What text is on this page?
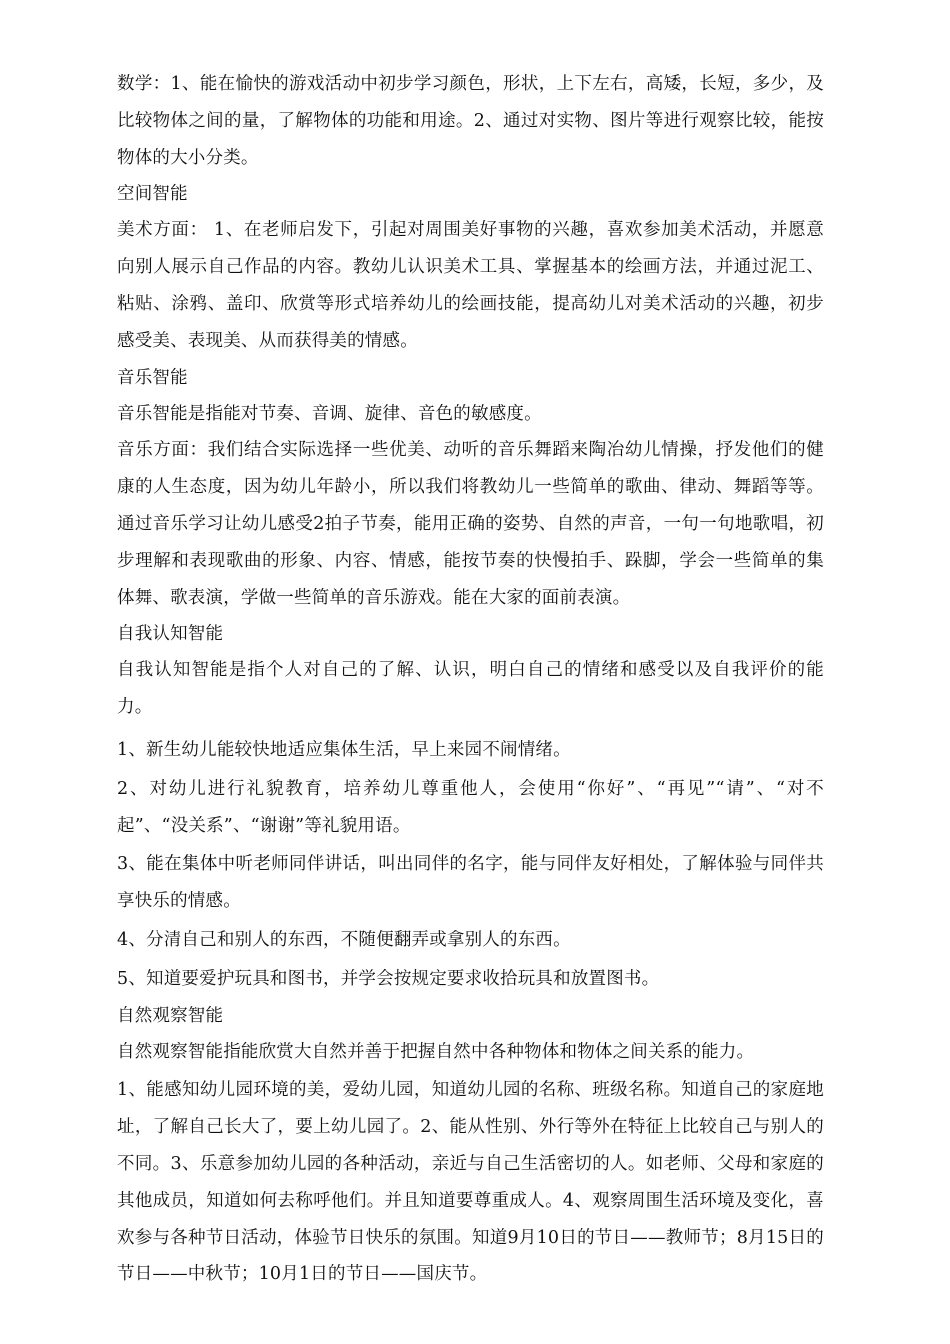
数学：1、能在愉快的游戏活动中初步学习颜色，形状，上下左右，高矮，长短，多少，及比较物体之间的量，了解物体的功能和用途。2、通过对实物、图片等进行观察比较，能按物体的大小分类。

空间智能

美术方面： 1、在老师启发下，引起对周围美好事物的兴趣，喜欢参加美术活动，并愿意向别人展示自己作品的内容。教幼儿认识美术工具、掌握基本的绘画方法，并通过泥工、粘贴、涂鸦、盖印、欣赏等形式培养幼儿的绘画技能，提高幼儿对美术活动的兴趣，初步感受美、表现美、从而获得美的情感。

音乐智能

音乐智能是指能对节奏、音调、旋律、音色的敏感度。

音乐方面：我们结合实际选择一些优美、动听的音乐舞蹈来陶冶幼儿情操，抒发他们的健康的人生态度，因为幼儿年龄小，所以我们将教幼儿一些简单的歌曲、律动、舞蹈等等。通过音乐学习让幼儿感受2拍子节奏，能用正确的姿势、自然的声音，一句一句地歌唱，初步理解和表现歌曲的形象、内容、情感，能按节奏的快慢拍手、跺脚，学会一些简单的集体舞、歌表演，学做一些简单的音乐游戏。能在大家的面前表演。

自我认知智能

自我认知智能是指个人对自己的了解、认识，明白自己的情绪和感受以及自我评价的能力。

1、新生幼儿能较快地适应集体生活，早上来园不闹情绪。

2、对幼儿进行礼貌教育，培养幼儿尊重他人，会使用“你好”、“再见”“请”、“对不起”、“没关系”、“谢谢”等礼貌用语。

3、能在集体中听老师同伴讲话，叫出同伴的名字，能与同伴友好相处，了解体验与同伴共享快乐的情感。

4、分清自己和别人的东西，不随便翻弄或拿别人的东西。

5、知道要爱护玩具和图书，并学会按规定要求收拾玩具和放置图书。

自然观察智能

自然观察智能指能欣赏大自然并善于把握自然中各种物体和物体之间关系的能力。

1、能感知幼儿园环境的美，爱幼儿园，知道幼儿园的名称、班级名称。知道自己的家庭地址，了解自己长大了，要上幼儿园了。2、能从性别、外行等外在特征上比较自己与别人的不同。3、乐意参加幼儿园的各种活动，亲近与自己生活密切的人。如老师、父母和家庭的其他成员，知道如何去称呼他们。并且知道要尊重成人。4、观察周围生活环境及变化，喜欢参与各种节日活动，体验节日快乐的氛围。知道9月10日的节日——教师节；8月15日的节日——中秋节；10月1日的节日——国庆节。
